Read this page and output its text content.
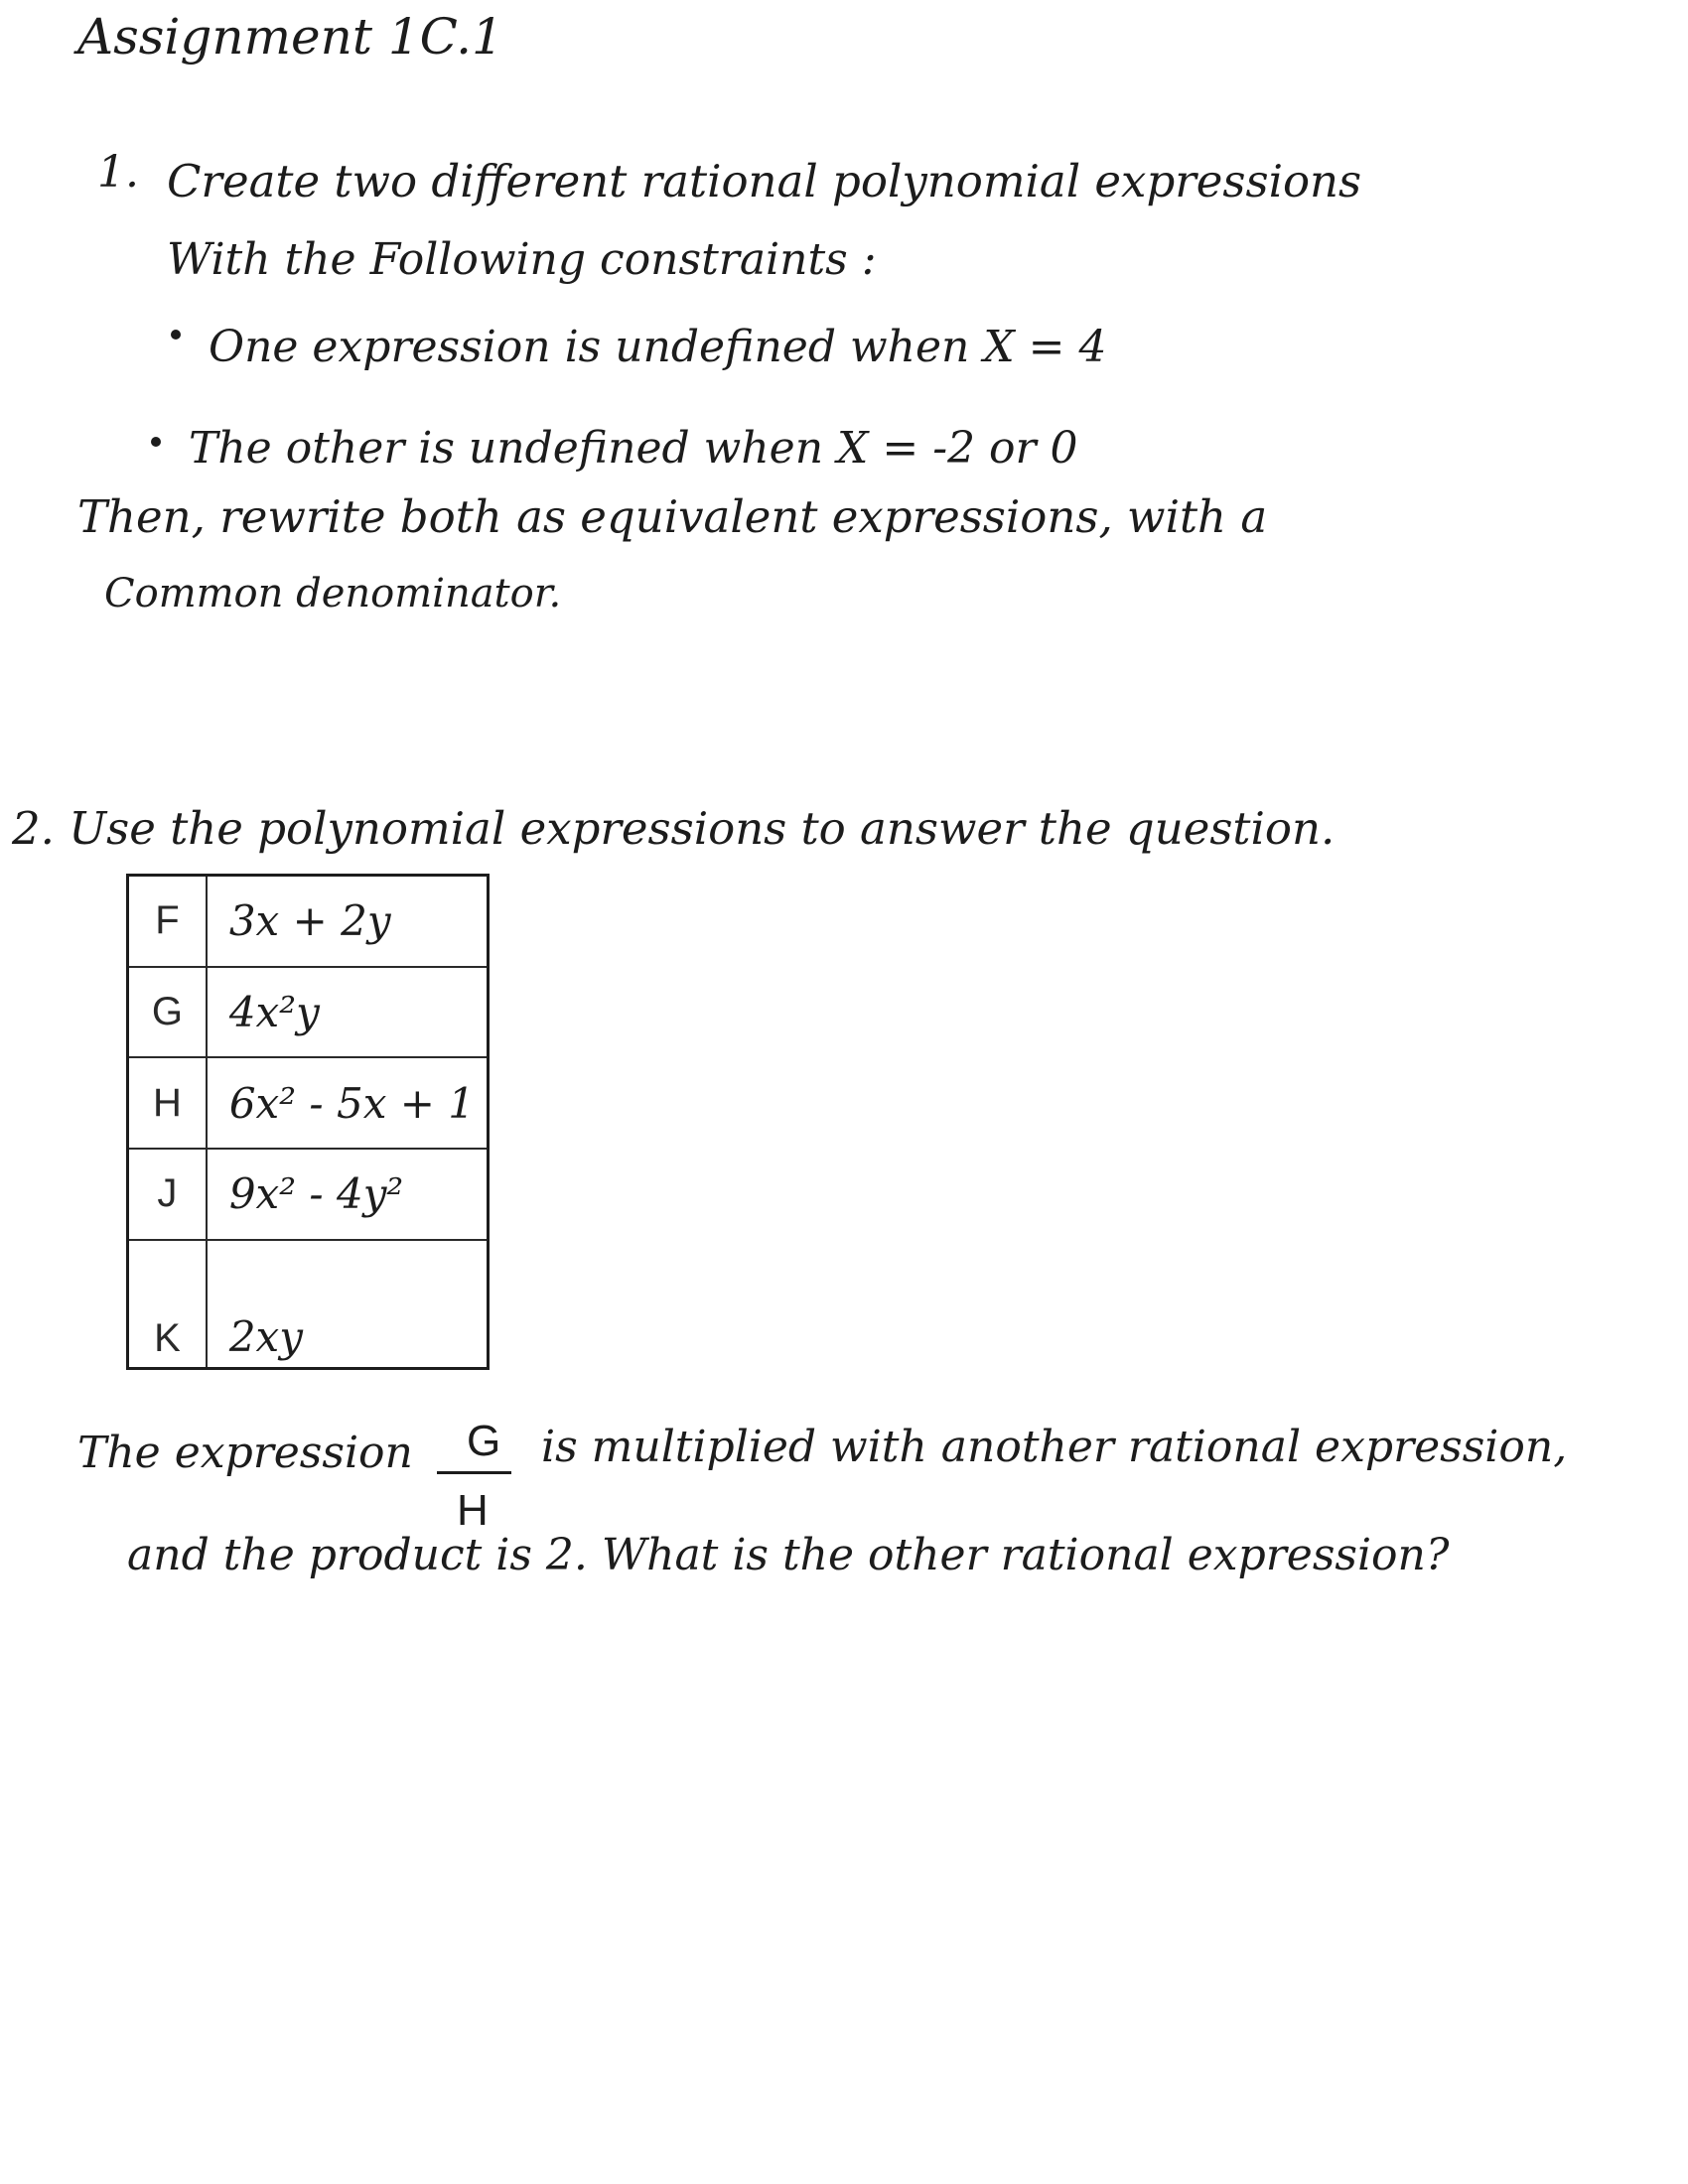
Assignment 1C.1
1. Create two different rational polynomial expressions
With the Following constraints :
One expression is undefined when X = 4
The other is undefined when X = -2 or 0
Then, rewrite both as equivalent expressions, with a
Common denominator.
2. Use the polynomial expressions to answer the question.
F	3x + 2y
G	4x²y
H	6x² - 5x + 1
J	9x² - 4y²
K	2xy
The expression G
H
is multiplied with another rational expression,
and the product is 2. What is the other rational expression?
